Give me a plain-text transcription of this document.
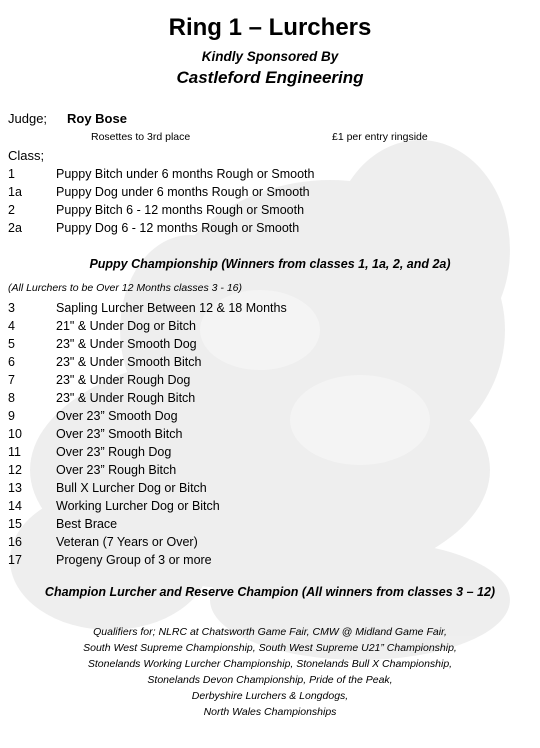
Ring 1 – Lurchers
Kindly Sponsored By
Castleford Engineering
Judge; Roy Bose
Rosettes to 3rd place	£1 per entry ringside
Class;
1	Puppy Bitch under 6 months Rough or Smooth
1a	Puppy Dog under 6 months Rough or Smooth
2	Puppy Bitch 6 - 12 months Rough or Smooth
2a	Puppy Dog 6 - 12 months Rough or Smooth
Puppy Championship (Winners from classes 1, 1a, 2, and 2a)
(All Lurchers to be Over 12 Months classes 3 - 16)
3	Sapling Lurcher Between 12 & 18 Months
4	21" & Under Dog or Bitch
5	23" & Under Smooth Dog
6	23" & Under Smooth Bitch
7	23" & Under Rough Dog
8	23" & Under Rough Bitch
9	Over 23” Smooth Dog
10	Over 23” Smooth Bitch
11	Over 23” Rough Dog
12	Over 23” Rough Bitch
13	Bull X Lurcher Dog or Bitch
14	Working Lurcher Dog or Bitch
15	Best Brace
16	Veteran (7 Years or Over)
17	Progeny Group of 3 or more
Champion Lurcher and Reserve Champion (All winners from classes 3 – 12)
Qualifiers for; NLRC at Chatsworth Game Fair, CMW @ Midland Game Fair,
South West Supreme Championship, South West Supreme U21” Championship,
Stonelands Working Lurcher Championship, Stonelands Bull X Championship,
Stonelands Devon Championship, Pride of the Peak,
Derbyshire Lurchers & Longdogs,
North Wales Championships
